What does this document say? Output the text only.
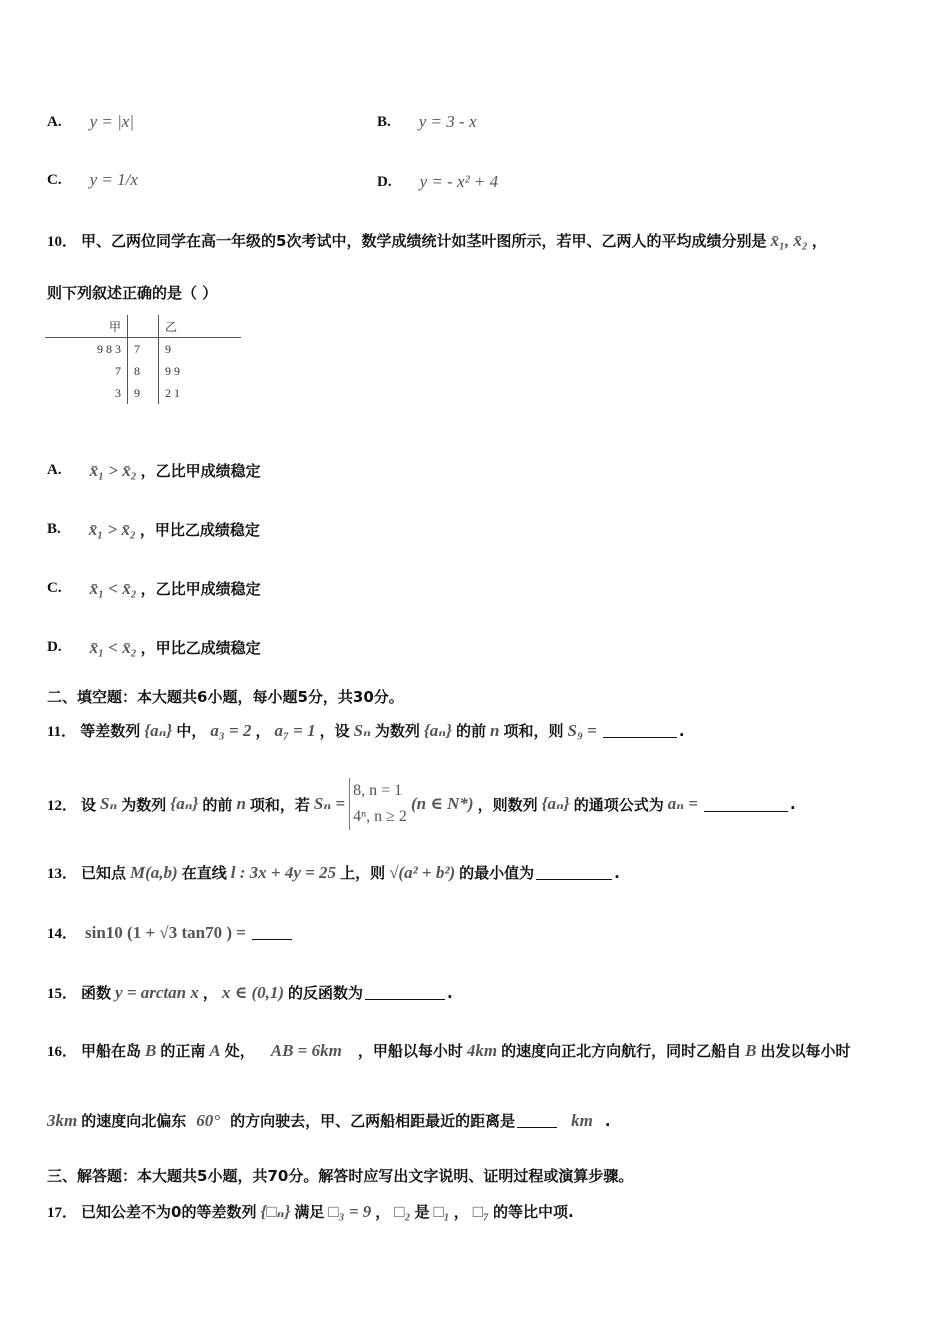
A. y = |x|	B. y = 3 - x
C. y = 1/x	D. y = - x² + 4
10． 甲、乙两位同学在高一年级的5次考试中，数学成绩统计如茎叶图所示，若甲、乙两人的平均成绩分别是 x̄₁, x̄₂ ，
则下列叙述正确的是（ ）
甲		乙
9 8 3	7	9
7	8	9 9
3	9	2 1
A. x̄₁ > x̄₂ ，乙比甲成绩稳定
B. x̄₁ > x̄₂ ，甲比乙成绩稳定
C. x̄₁ < x̄₂ ，乙比甲成绩稳定
D. x̄₁ < x̄₂ ，甲比乙成绩稳定
二、填空题：本大题共6小题，每小题5分，共30分。
11． 等差数列 {aₙ} 中， a₃ = 2 ， a₇ = 1 ，设 Sₙ 为数列 {aₙ} 的前 n 项和，则 S₉ =	.
12． 设 Sₙ 为数列 {aₙ} 的前 n 项和，若 Sₙ =
8, n = 1
4ⁿ, n ≥ 2
(n ∈ N*) ，则数列 {aₙ} 的通项公式为 aₙ =	.
13． 已知点 M(a,b) 在直线 l : 3x + 4y = 25 上，则 √(a² + b²) 的最小值为	.
14． sin10 (1 + √3 tan70 ) =
15． 函数 y = arctan x ， x ∈ (0,1) 的反函数为	.
16． 甲船在岛 B 的正南 A 处， AB = 6km ，甲船以每小时 4km 的速度向正北方向航行，同时乙船自 B 出发以每小时
3km 的速度向北偏东 60° 的方向驶去，甲、乙两船相距最近的距离是	km .
三、解答题：本大题共5小题，共70分。解答时应写出文字说明、证明过程或演算步骤。
17． 已知公差不为0的等差数列 {□ₙ} 满足 □₃ = 9 ， □₂ 是 □₁ ， □₇ 的等比中项.
